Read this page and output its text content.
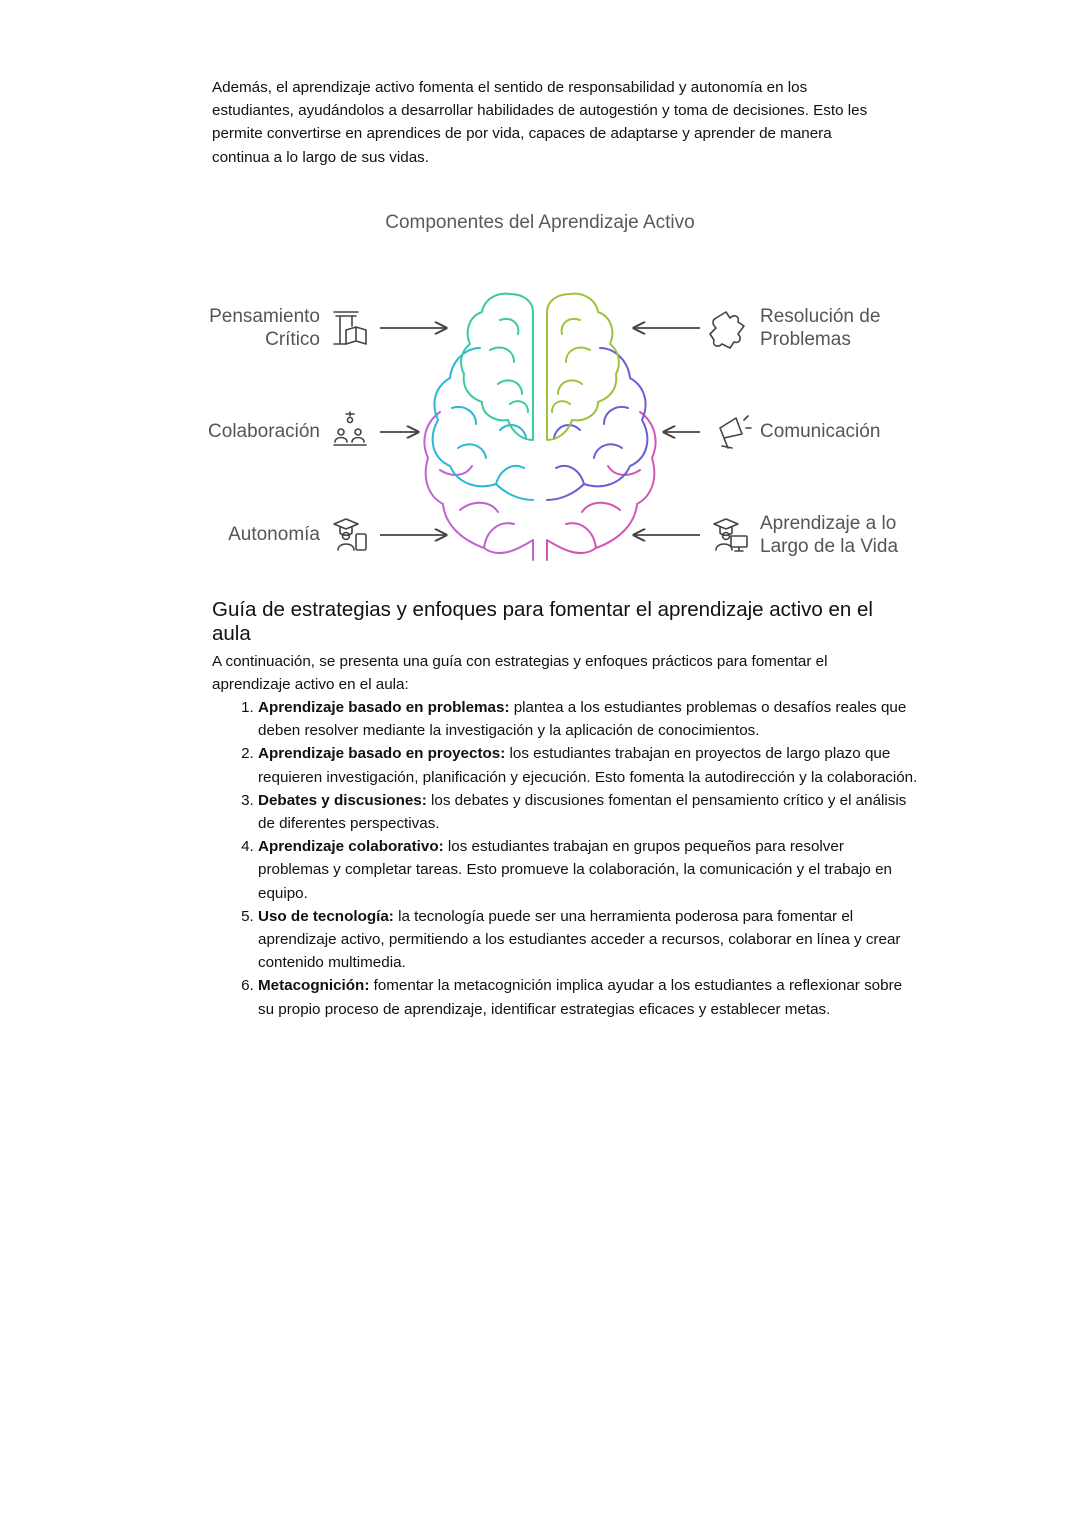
Además, el aprendizaje activo fomenta el sentido de responsabilidad y autonomía en los estudiantes, ayudándolos a desarrollar habilidades de autogestión y toma de decisiones. Esto les permite convertirse en aprendices de por vida, capaces de adaptarse y aprender de manera continua a lo largo de sus vidas.

Componentes del Aprendizaje Activo

Pensamiento
Crítico
Colaboración
Autonomía
Resolución de
Problemas
Comunicación
Aprendizaje a lo
Largo de la Vida
Guía de estrategias y enfoques para fomentar el aprendizaje activo en el aula

A continuación, se presenta una guía con estrategias y enfoques prácticos para fomentar el aprendizaje activo en el aula:

1. Aprendizaje basado en problemas: plantea a los estudiantes problemas o desafíos reales que deben resolver mediante la investigación y la aplicación de conocimientos.
2. Aprendizaje basado en proyectos: los estudiantes trabajan en proyectos de largo plazo que requieren investigación, planificación y ejecución. Esto fomenta la autodirección y la colaboración.
3. Debates y discusiones: los debates y discusiones fomentan el pensamiento crítico y el análisis de diferentes perspectivas.
4. Aprendizaje colaborativo: los estudiantes trabajan en grupos pequeños para resolver problemas y completar tareas. Esto promueve la colaboración, la comunicación y el trabajo en equipo.
5. Uso de tecnología: la tecnología puede ser una herramienta poderosa para fomentar el aprendizaje activo, permitiendo a los estudiantes acceder a recursos, colaborar en línea y crear contenido multimedia.
6. Metacognición: fomentar la metacognición implica ayudar a los estudiantes a reflexionar sobre su propio proceso de aprendizaje, identificar estrategias eficaces y establecer metas.
